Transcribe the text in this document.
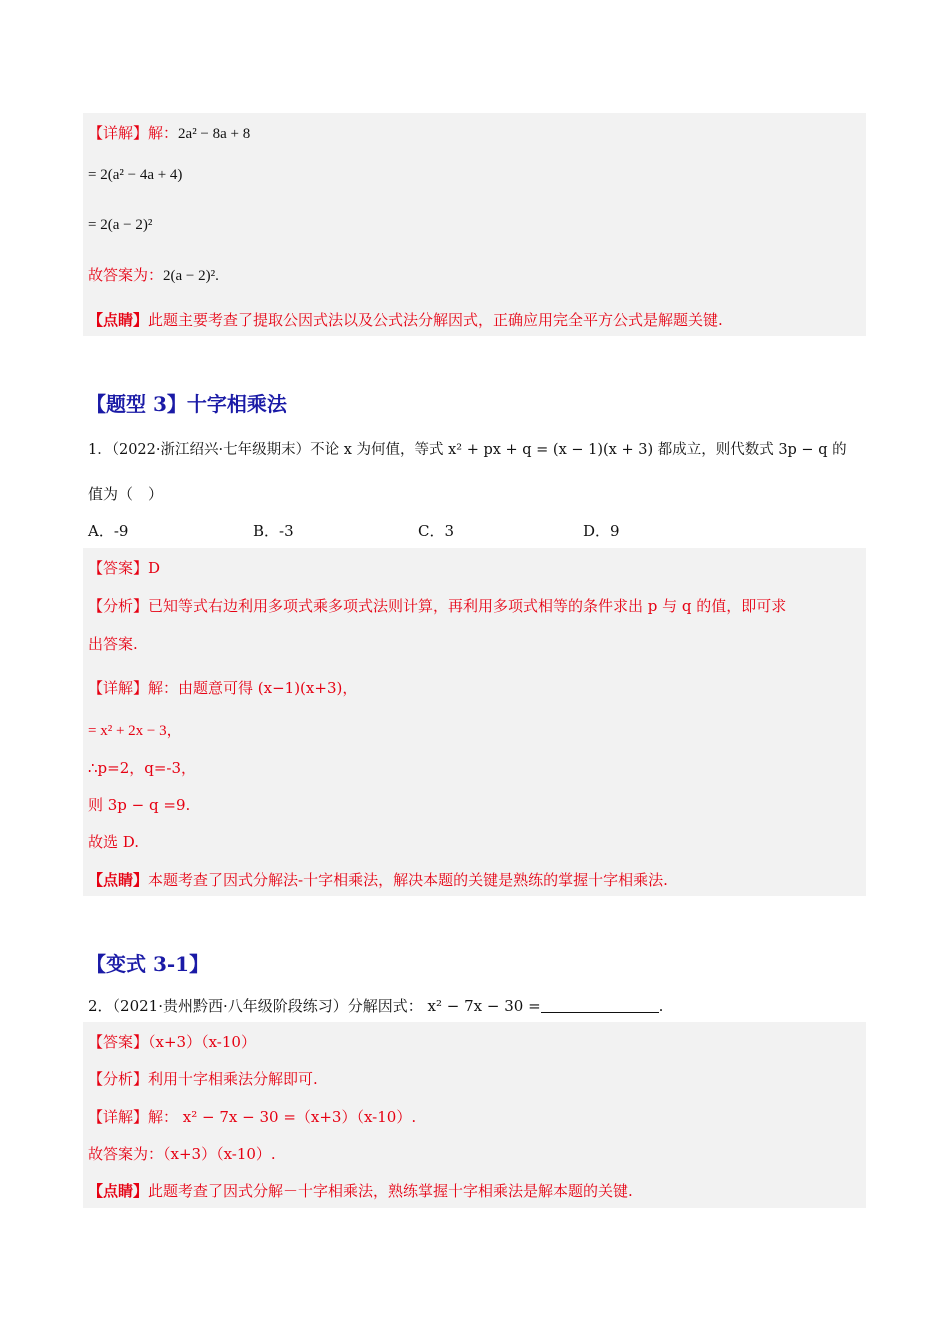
【详解】解：2a² − 8a + 8
= 2(a² − 4a + 4)
= 2(a − 2)²
故答案为：2(a − 2)².
【点睛】此题主要考查了提取公因式法以及公式法分解因式，正确应用完全平方公式是解题关键.
【题型 3】十字相乘法
1．（2022·浙江绍兴·七年级期末）不论 x 为何值，等式 x² + px + q = (x − 1)(x + 3) 都成立，则代数式 3p − q 的
值为（　）
A．-9	B．-3	C．3	D．9
【答案】D
【分析】已知等式右边利用多项式乘多项式法则计算，再利用多项式相等的条件求出 p 与 q 的值，即可求
出答案.
【详解】解：由题意可得 (x−1)(x+3)，
= x² + 2x − 3，
∴p=2，q=-3，
则 3p − q =9.
故选 D.
【点睛】本题考查了因式分解法-十字相乘法，解决本题的关键是熟练的掌握十字相乘法.
【变式 3-1】
2．（2021·贵州黔西·八年级阶段练习）分解因式： x² − 7x − 30 =	.
【答案】（x+3）（x-10）
【分析】利用十字相乘法分解即可.
【详解】解： x² − 7x − 30 =（x+3）（x-10）.
故答案为：（x+3）（x-10）.
【点睛】此题考查了因式分解－十字相乘法，熟练掌握十字相乘法是解本题的关键.
